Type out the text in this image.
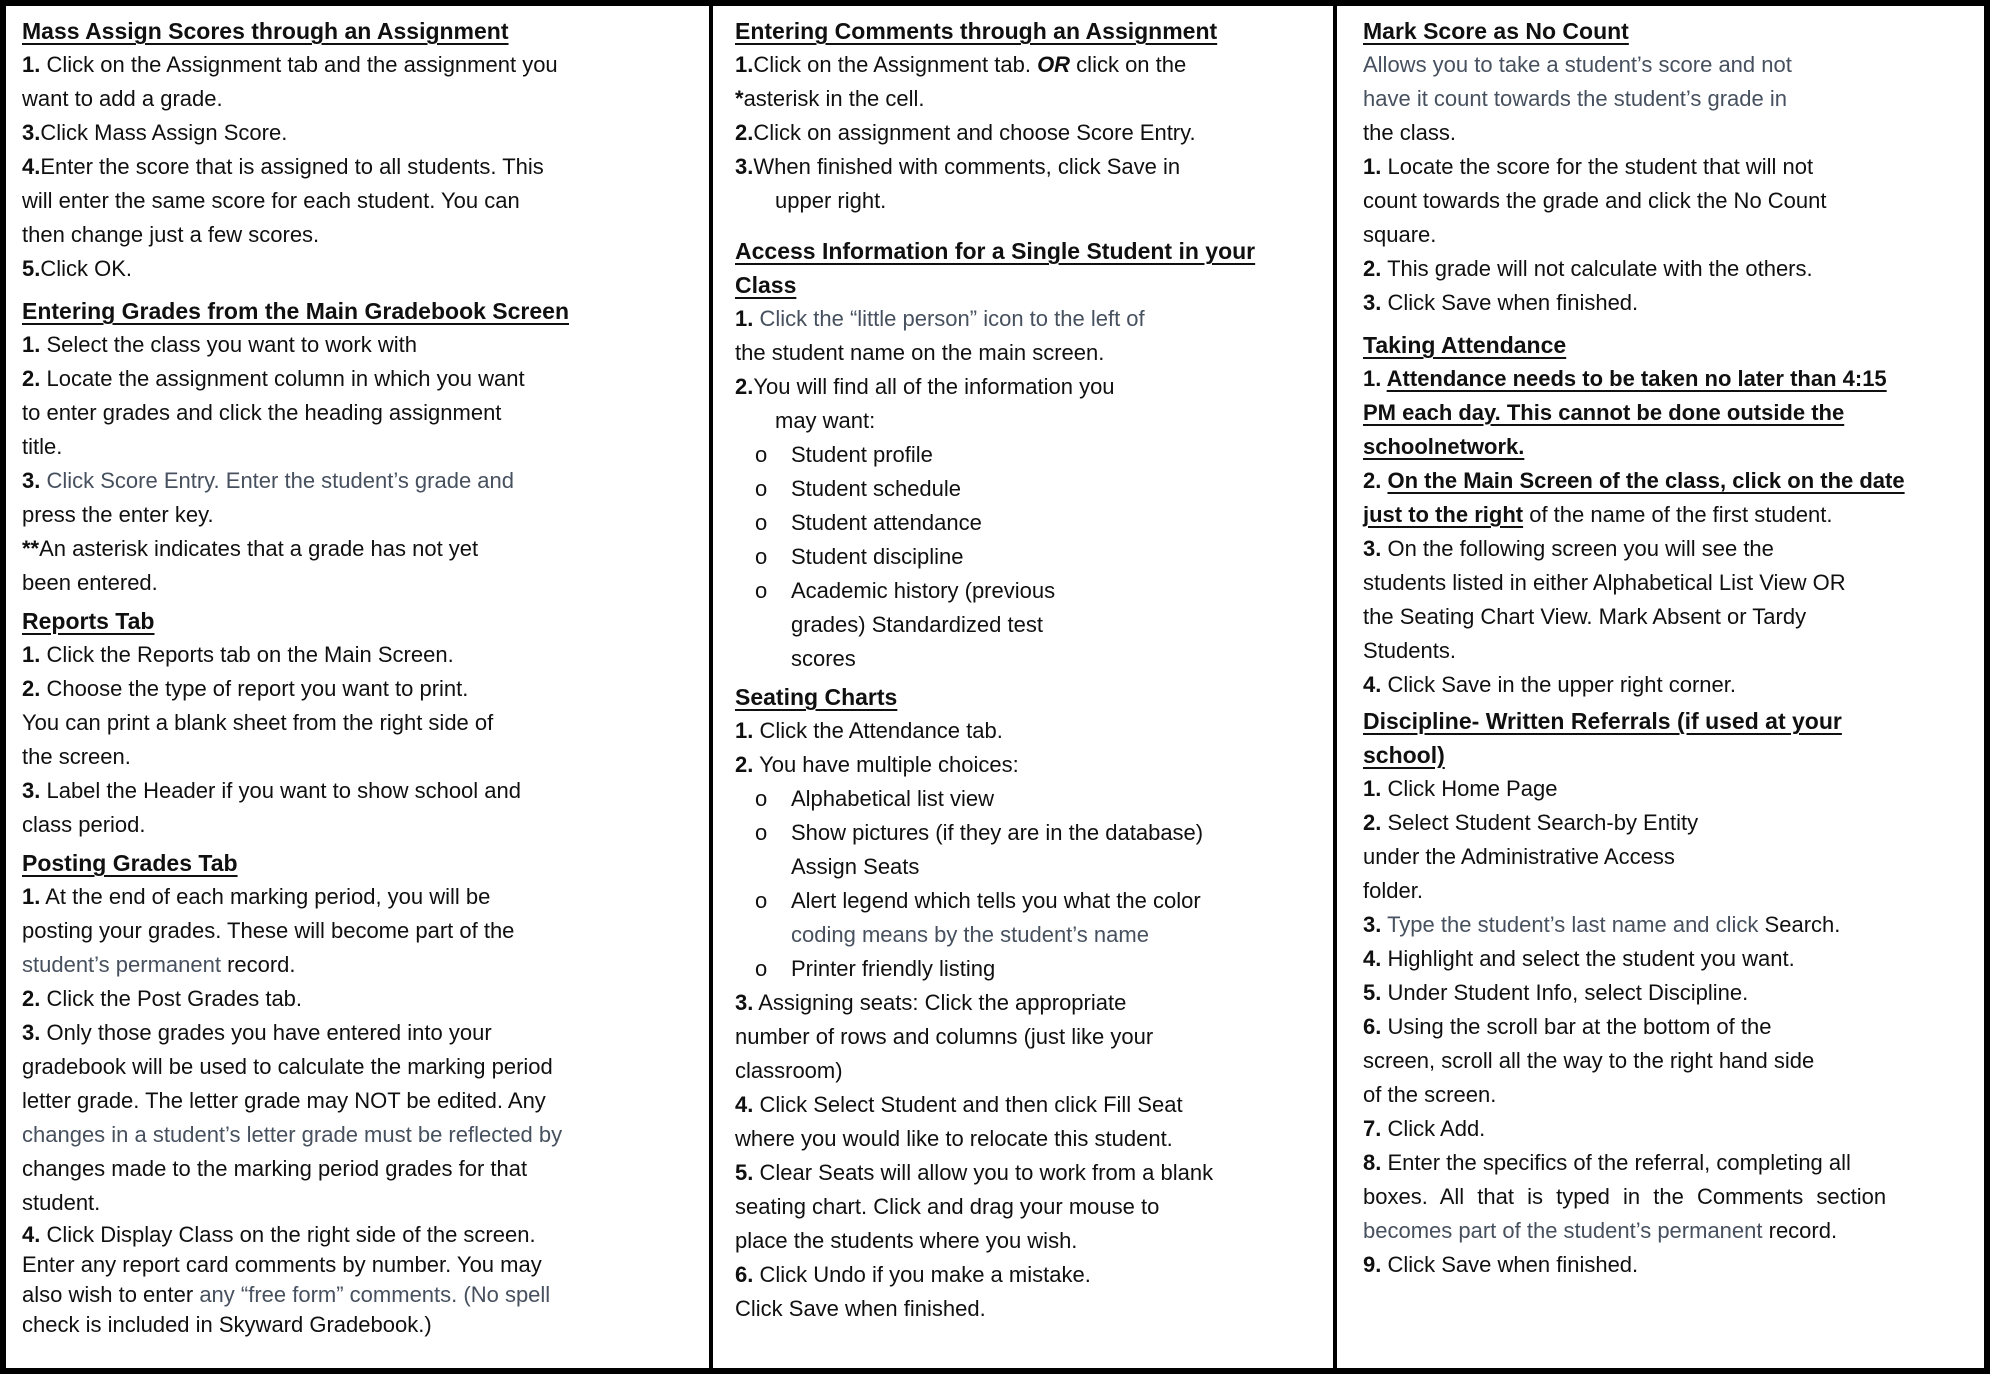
Mass Assign Scores through an Assignment
1. Click on the Assignment tab and the assignment you
want to add a grade.
3.Click Mass Assign Score.
4.Enter the score that is assigned to all students. This
will enter the same score for each student. You can
then change just a few scores.
5.Click OK.
Entering Grades from the Main Gradebook Screen
1. Select the class you want to work with
2. Locate the assignment column in which you want
to enter grades and click the heading assignment
title.
3. Click Score Entry. Enter the student’s grade and
press the enter key.
**An asterisk indicates that a grade has not yet
been entered.
Reports Tab
1. Click the Reports tab on the Main Screen.
2. Choose the type of report you want to print.
You can print a blank sheet from the right side of
the screen.
3. Label the Header if you want to show school and
class period.
Posting Grades Tab
1. At the end of each marking period, you will be
posting your grades. These will become part of the
student’s permanent record.
2. Click the Post Grades tab.
3. Only those grades you have entered into your
gradebook will be used to calculate the marking period
letter grade. The letter grade may NOT be edited. Any
changes in a student’s letter grade must be reflected by
changes made to the marking period grades for that
student.
4. Click Display Class on the right side of the screen.
Enter any report card comments by number. You may
also wish to enter any “free form” comments. (No spell
check is included in Skyward Gradebook.)
Entering Comments through an Assignment
1.Click on the Assignment tab. OR click on the
*asterisk in the cell.
2.Click on assignment and choose Score Entry.
3.When finished with comments, click Save in
upper right.
Access Information for a Single Student in your
Class
1. Click the “little person” icon to the left of
the student name on the main screen.
2.You will find all of the information you
may want:
o	Student profile
o	Student schedule
o	Student attendance
o	Student discipline
o	Academic history (previous
grades) Standardized test
scores
Seating Charts
1. Click the Attendance tab.
2. You have multiple choices:
o	Alphabetical list view
o	Show pictures (if they are in the database)
Assign Seats
o	Alert legend which tells you what the color
coding means by the student’s name
o	Printer friendly listing
3. Assigning seats: Click the appropriate
number of rows and columns (just like your
classroom)
4. Click Select Student and then click Fill Seat
where you would like to relocate this student.
5. Clear Seats will allow you to work from a blank
seating chart. Click and drag your mouse to
place the students where you wish.
6. Click Undo if you make a mistake.
Click Save when finished.
Mark Score as No Count
Allows you to take a student’s score and not
have it count towards the student’s grade in
the class.
1. Locate the score for the student that will not
count towards the grade and click the No Count
square.
2. This grade will not calculate with the others.
3. Click Save when finished.
Taking Attendance
1. Attendance needs to be taken no later than 4:15
PM each day. This cannot be done outside the
schoolnetwork.
2. On the Main Screen of the class, click on the date
just to the right of the name of the first student.
3. On the following screen you will see the
students listed in either Alphabetical List View OR
the Seating Chart View. Mark Absent or Tardy
Students.
4. Click Save in the upper right corner.
Discipline- Written Referrals (if used at your
school)
1. Click Home Page
2. Select Student Search-by Entity
under the Administrative Access
folder.
3. Type the student’s last name and click Search.
4. Highlight and select the student you want.
5. Under Student Info, select Discipline.
6. Using the scroll bar at the bottom of the
screen, scroll all the way to the right hand side
of the screen.
7. Click Add.
8. Enter the specifics of the referral, completing all
boxes. All that is typed in the Comments section
becomes part of the student’s permanent record.
9. Click Save when finished.
